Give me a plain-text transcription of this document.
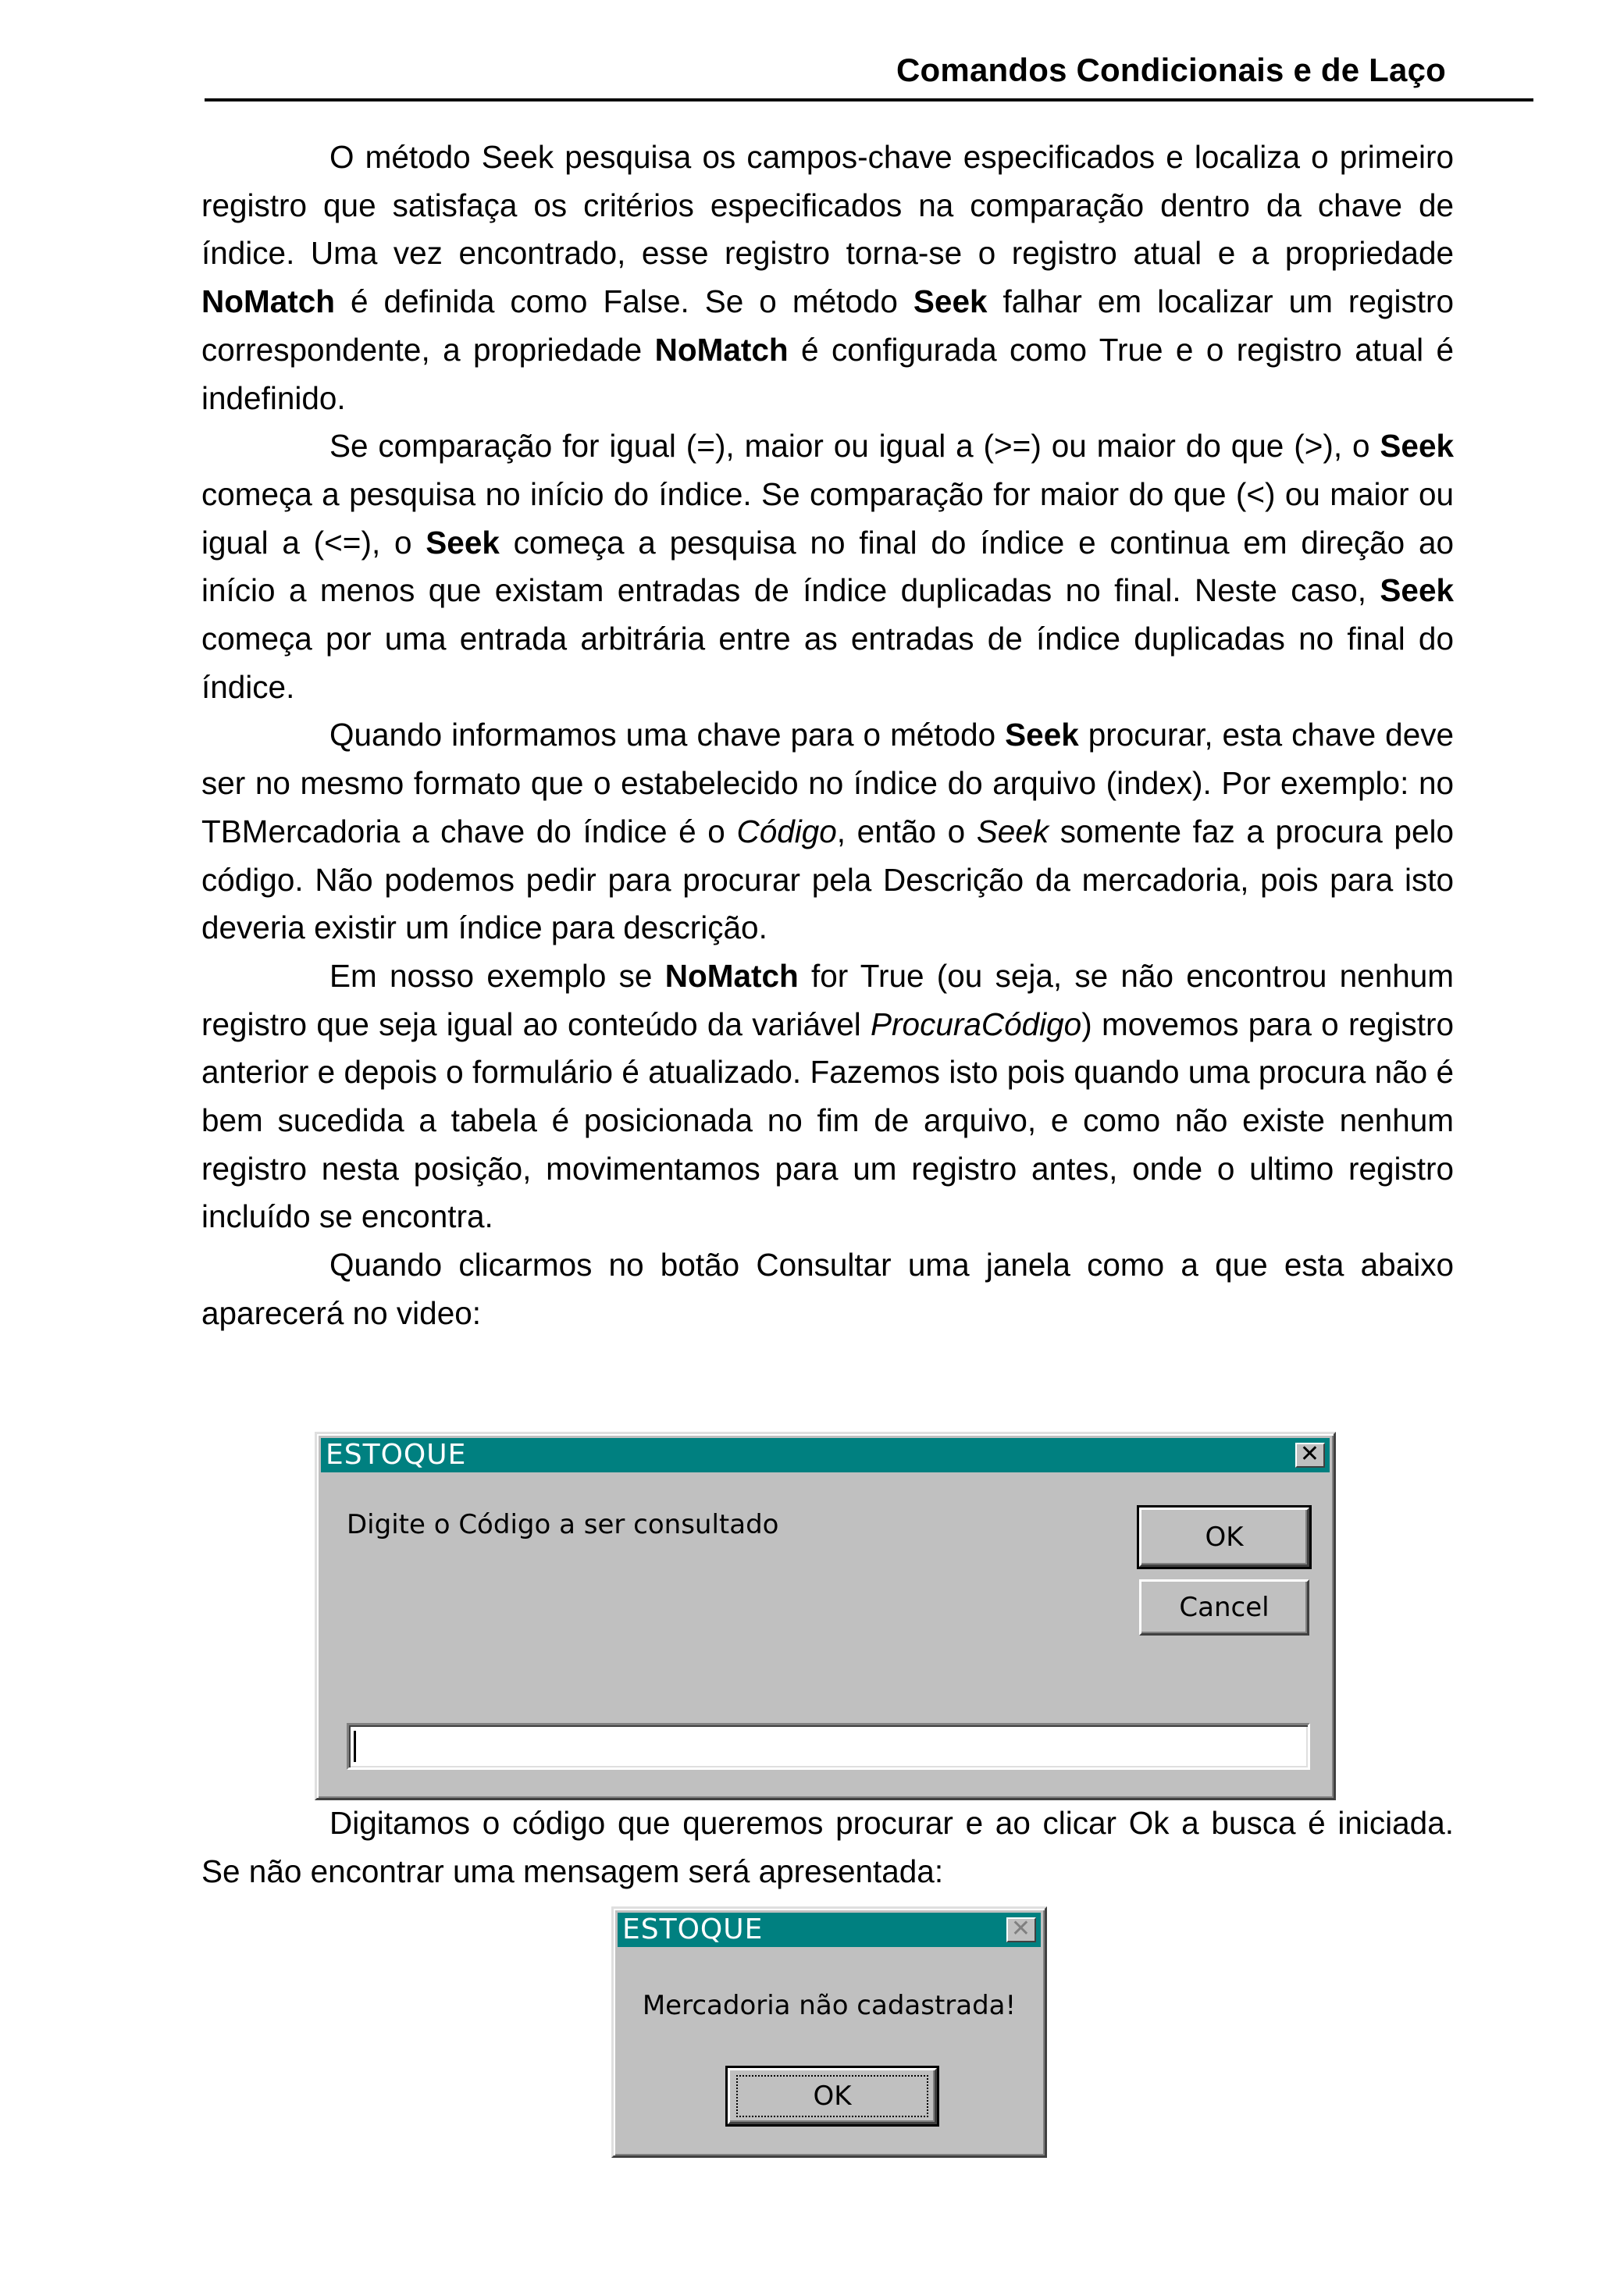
Comandos Condicionais e de Laço

O método Seek pesquisa os campos-chave especificados e localiza o primeiro registro que satisfaça os critérios especificados na comparação dentro da chave de índice. Uma vez encontrado, esse registro torna-se o registro atual e a propriedade NoMatch é definida como False. Se o método Seek falhar em localizar um registro correspondente, a propriedade NoMatch é configurada como True e o registro atual é indefinido.

Se comparação for igual (=), maior ou igual a (>=) ou maior do que (>), o Seek começa a pesquisa no início do índice. Se comparação for maior do que (<) ou maior ou igual a (<=), o Seek começa a pesquisa no final do índice e continua em direção ao início a menos que existam entradas de índice duplicadas no final. Neste caso, Seek começa por uma entrada arbitrária entre as entradas de índice duplicadas no final do índice.

Quando informamos uma chave para o método Seek procurar, esta chave deve ser no mesmo formato que o estabelecido no índice do arquivo (index). Por exemplo: no TBMercadoria a chave do índice é o Código, então o Seek somente faz a procura pelo código. Não podemos pedir para procurar pela Descrição da mercadoria, pois para isto deveria existir um índice para descrição.

Em nosso exemplo se NoMatch for True (ou seja, se não encontrou nenhum registro que seja igual ao conteúdo da variável ProcuraCódigo) movemos para o registro anterior e depois o formulário é atualizado. Fazemos isto pois quando uma procura não é bem sucedida a tabela é posicionada no fim de arquivo, e como não existe nenhum registro nesta posição, movimentamos para um registro antes, onde o ultimo registro incluído se encontra.

Quando clicarmos no botão Consultar uma janela como a que esta abaixo aparecerá no video:

ESTOQUE	✕
Digite o Código a ser consultado	OK
Cancel

Digitamos o código que queremos procurar e ao clicar Ok a busca é iniciada. Se não encontrar uma mensagem será apresentada:

ESTOQUE	✕
Mercadoria não cadastrada!
OK
